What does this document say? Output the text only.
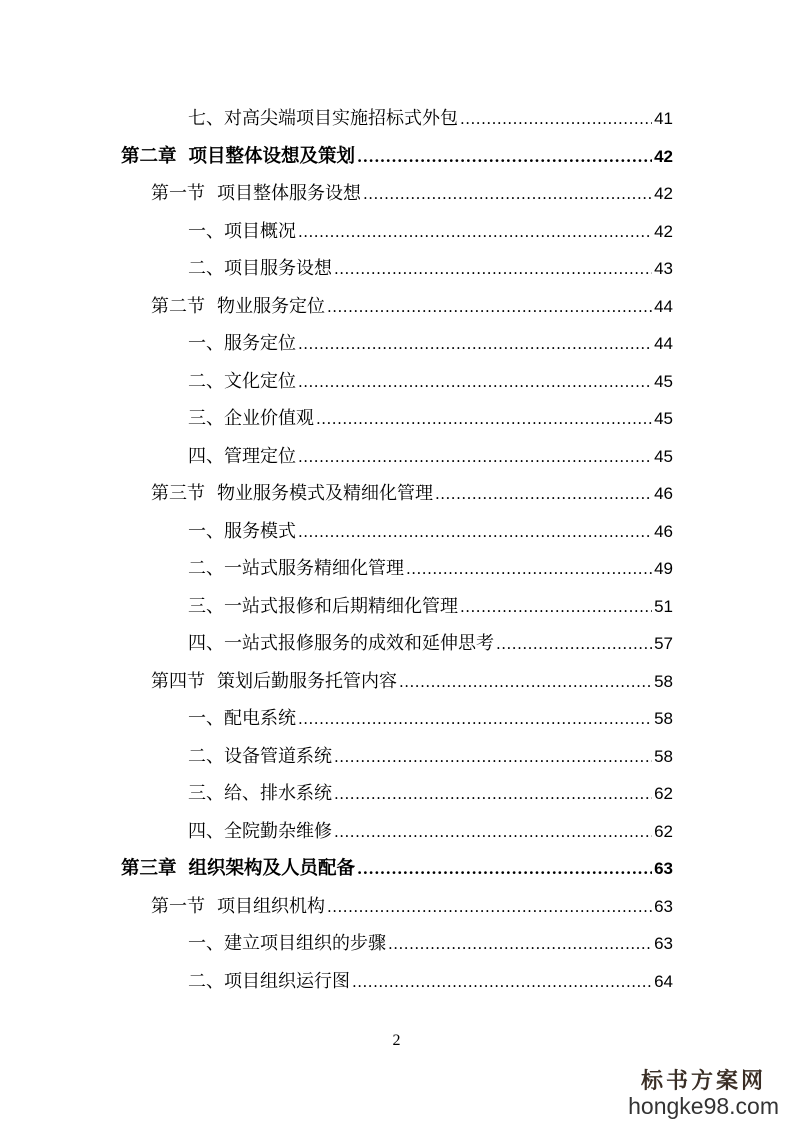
七、对高尖端项目实施招标式外包 .....	41
第二章 项目整体设想及策划 .....	42
第一节 项目整体服务设想 .....	42
一、项目概况 .....	42
二、项目服务设想 .....	43
第二节 物业服务定位 .....	44
一、服务定位 .....	44
二、文化定位 .....	45
三、企业价值观 .....	45
四、管理定位 .....	45
第三节 物业服务模式及精细化管理 .....	46
一、服务模式 .....	46
二、一站式服务精细化管理 .....	49
三、一站式报修和后期精细化管理 .....	51
四、一站式报修服务的成效和延伸思考 .....	57
第四节 策划后勤服务托管内容 .....	58
一、配电系统 .....	58
二、设备管道系统 .....	58
三、给、排水系统 .....	62
四、全院勤杂维修 .....	62
第三章 组织架构及人员配备 .....	63
第一节 项目组织机构 .....	63
一、建立项目组织的步骤 .....	63
二、项目组织运行图 .....	64
2
标书方案网
hongke98.com
